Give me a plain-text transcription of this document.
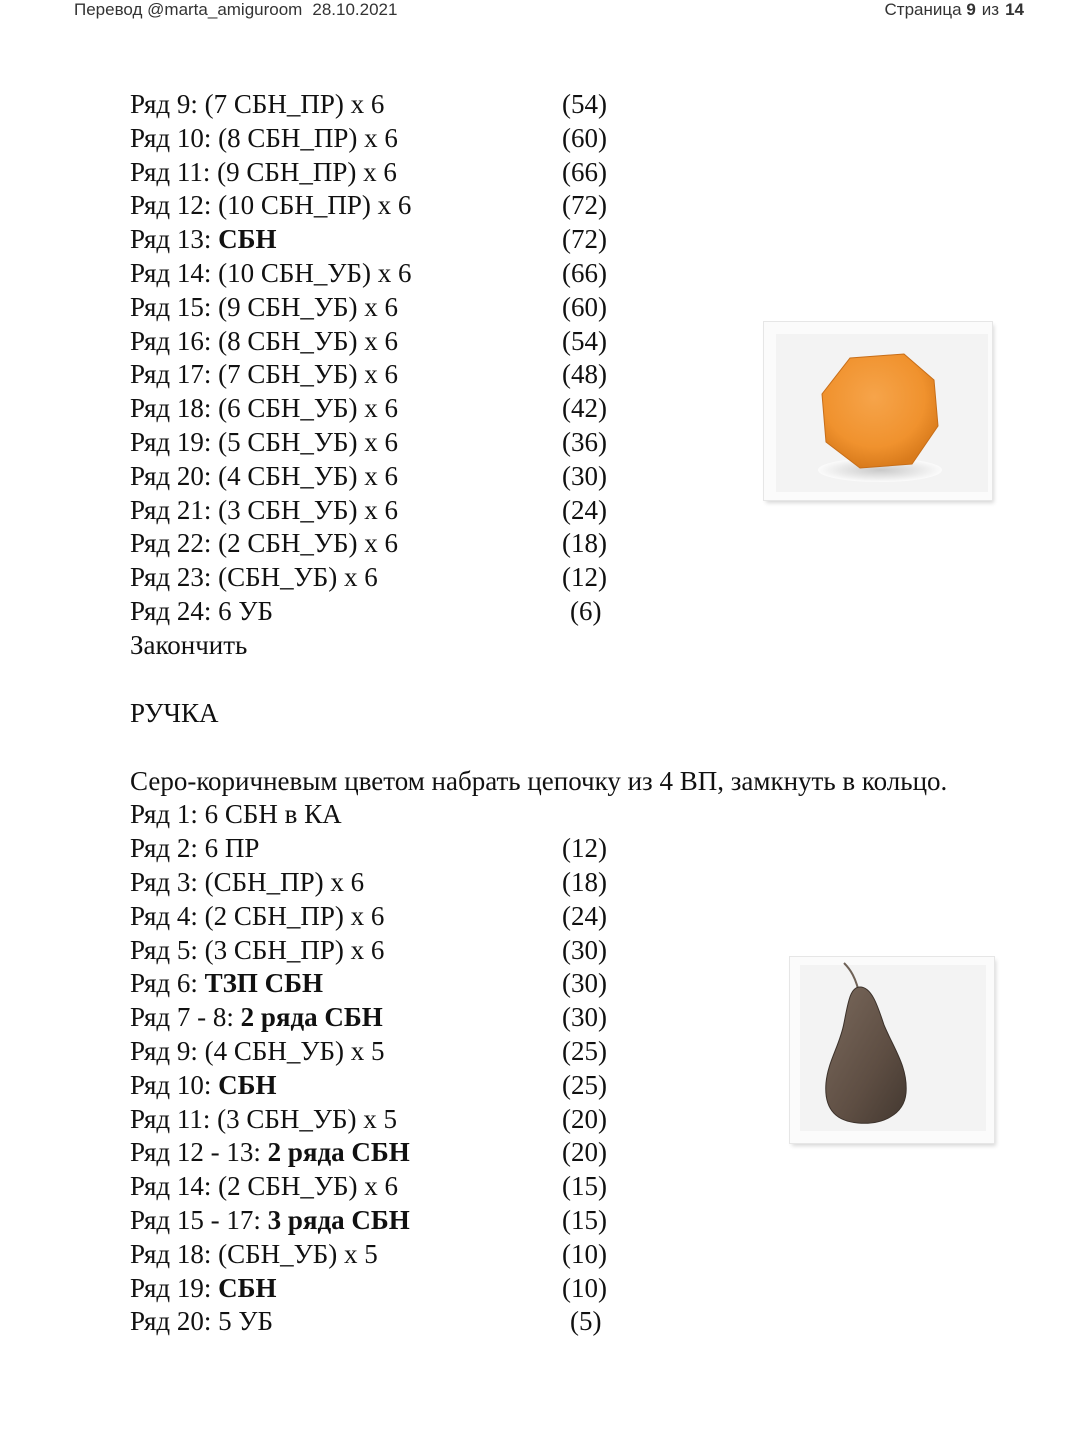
Перевод @marta_amiguroom 28.10.2021	Страница 9 из 14
Ряд 9: (7 СБН_ПР) х 6	(54)
Ряд 10: (8 СБН_ПР) х 6	(60)
Ряд 11: (9 СБН_ПР) х 6	(66)
Ряд 12: (10 СБН_ПР) х 6	(72)
Ряд 13: СБН	(72)
Ряд 14: (10 СБН_УБ) х 6	(66)
Ряд 15: (9 СБН_УБ) х 6	(60)
Ряд 16: (8 СБН_УБ) х 6	(54)
Ряд 17: (7 СБН_УБ) х 6	(48)
Ряд 18: (6 СБН_УБ) х 6	(42)
Ряд 19: (5 СБН_УБ) х 6	(36)
Ряд 20: (4 СБН_УБ) х 6	(30)
Ряд 21: (3 СБН_УБ) х 6	(24)
Ряд 22: (2 СБН_УБ) х 6	(18)
Ряд 23: (СБН_УБ) х 6	(12)
Ряд 24: 6 УБ	(6)
Закончить
РУЧКА
Серо-коричневым цветом набрать цепочку из 4 ВП, замкнуть в кольцо.
Ряд 1: 6 СБН в КА
Ряд 2: 6 ПР	(12)
Ряд 3: (СБН_ПР) х 6	(18)
Ряд 4: (2 СБН_ПР) х 6	(24)
Ряд 5: (3 СБН_ПР) х 6	(30)
Ряд 6: ТЗП СБН	(30)
Ряд 7 - 8: 2 ряда СБН	(30)
Ряд 9: (4 СБН_УБ) х 5	(25)
Ряд 10: СБН	(25)
Ряд 11: (3 СБН_УБ) х 5	(20)
Ряд 12 - 13: 2 ряда СБН	(20)
Ряд 14: (2 СБН_УБ) х 6	(15)
Ряд 15 - 17: 3 ряда СБН	(15)
Ряд 18: (СБН_УБ) х 5	(10)
Ряд 19: СБН	(10)
Ряд 20: 5 УБ	(5)
